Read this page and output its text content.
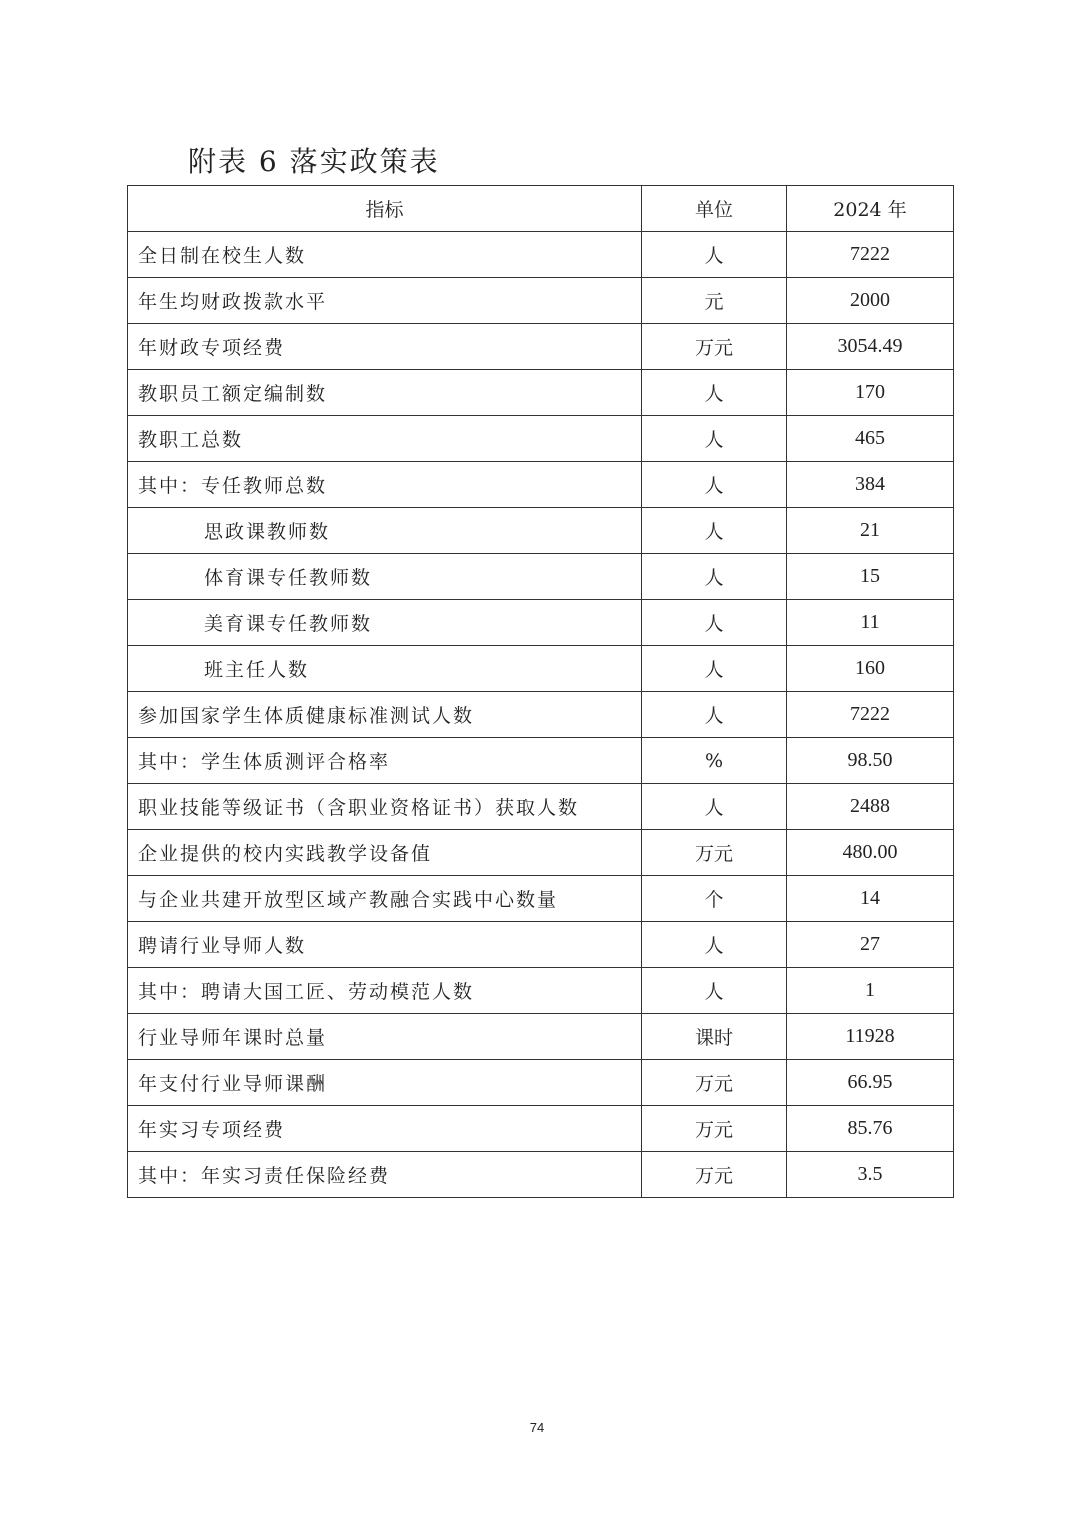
附表 6 落实政策表
指标	单位	2024 年
全日制在校生人数	人	7222
年生均财政拨款水平	元	2000
年财政专项经费	万元	3054.49
教职员工额定编制数	人	170
教职工总数	人	465
其中：专任教师总数	人	384
思政课教师数	人	21
体育课专任教师数	人	15
美育课专任教师数	人	11
班主任人数	人	160
参加国家学生体质健康标准测试人数	人	7222
其中：学生体质测评合格率	%	98.50
职业技能等级证书（含职业资格证书）获取人数	人	2488
企业提供的校内实践教学设备值	万元	480.00
与企业共建开放型区域产教融合实践中心数量	个	14
聘请行业导师人数	人	27
其中：聘请大国工匠、劳动模范人数	人	1
行业导师年课时总量	课时	11928
年支付行业导师课酬	万元	66.95
年实习专项经费	万元	85.76
其中：年实习责任保险经费	万元	3.5
74
